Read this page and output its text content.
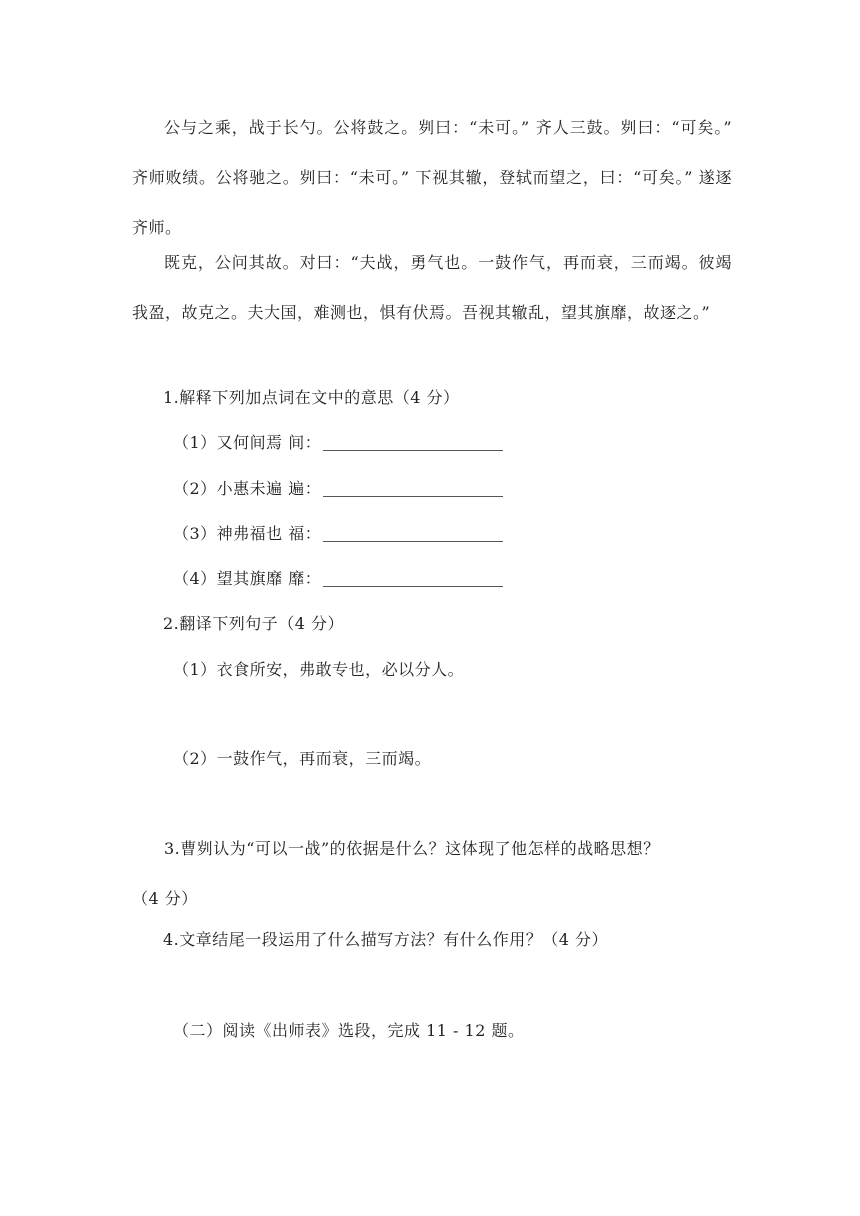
公与之乘，战于长勺。公将鼓之。刿曰：“未可。” 齐人三鼓。刿曰：“可矣。” 齐师败绩。公将驰之。刿曰：“未可。” 下视其辙，登轼而望之，曰：“可矣。” 遂逐齐师。

既克，公问其故。对曰：“夫战，勇气也。一鼓作气，再而衰，三而竭。彼竭我盈，故克之。夫大国，难测也，惧有伏焉。吾视其辙乱，望其旗靡，故逐之。”

1.解释下列加点词在文中的意思（4 分）

（1）又何间焉 间：

（2）小惠未遍 遍：

（3）神弗福也 福：

（4）望其旗靡 靡：

2.翻译下列句子（4 分）

（1）衣食所安，弗敢专也，必以分人。

（2）一鼓作气，再而衰，三而竭。

3.曹刿认为“可以一战”的依据是什么？这体现了他怎样的战略思想？
（4 分）

4.文章结尾一段运用了什么描写方法？有什么作用？（4 分）

（二）阅读《出师表》选段，完成 11 - 12 题。
